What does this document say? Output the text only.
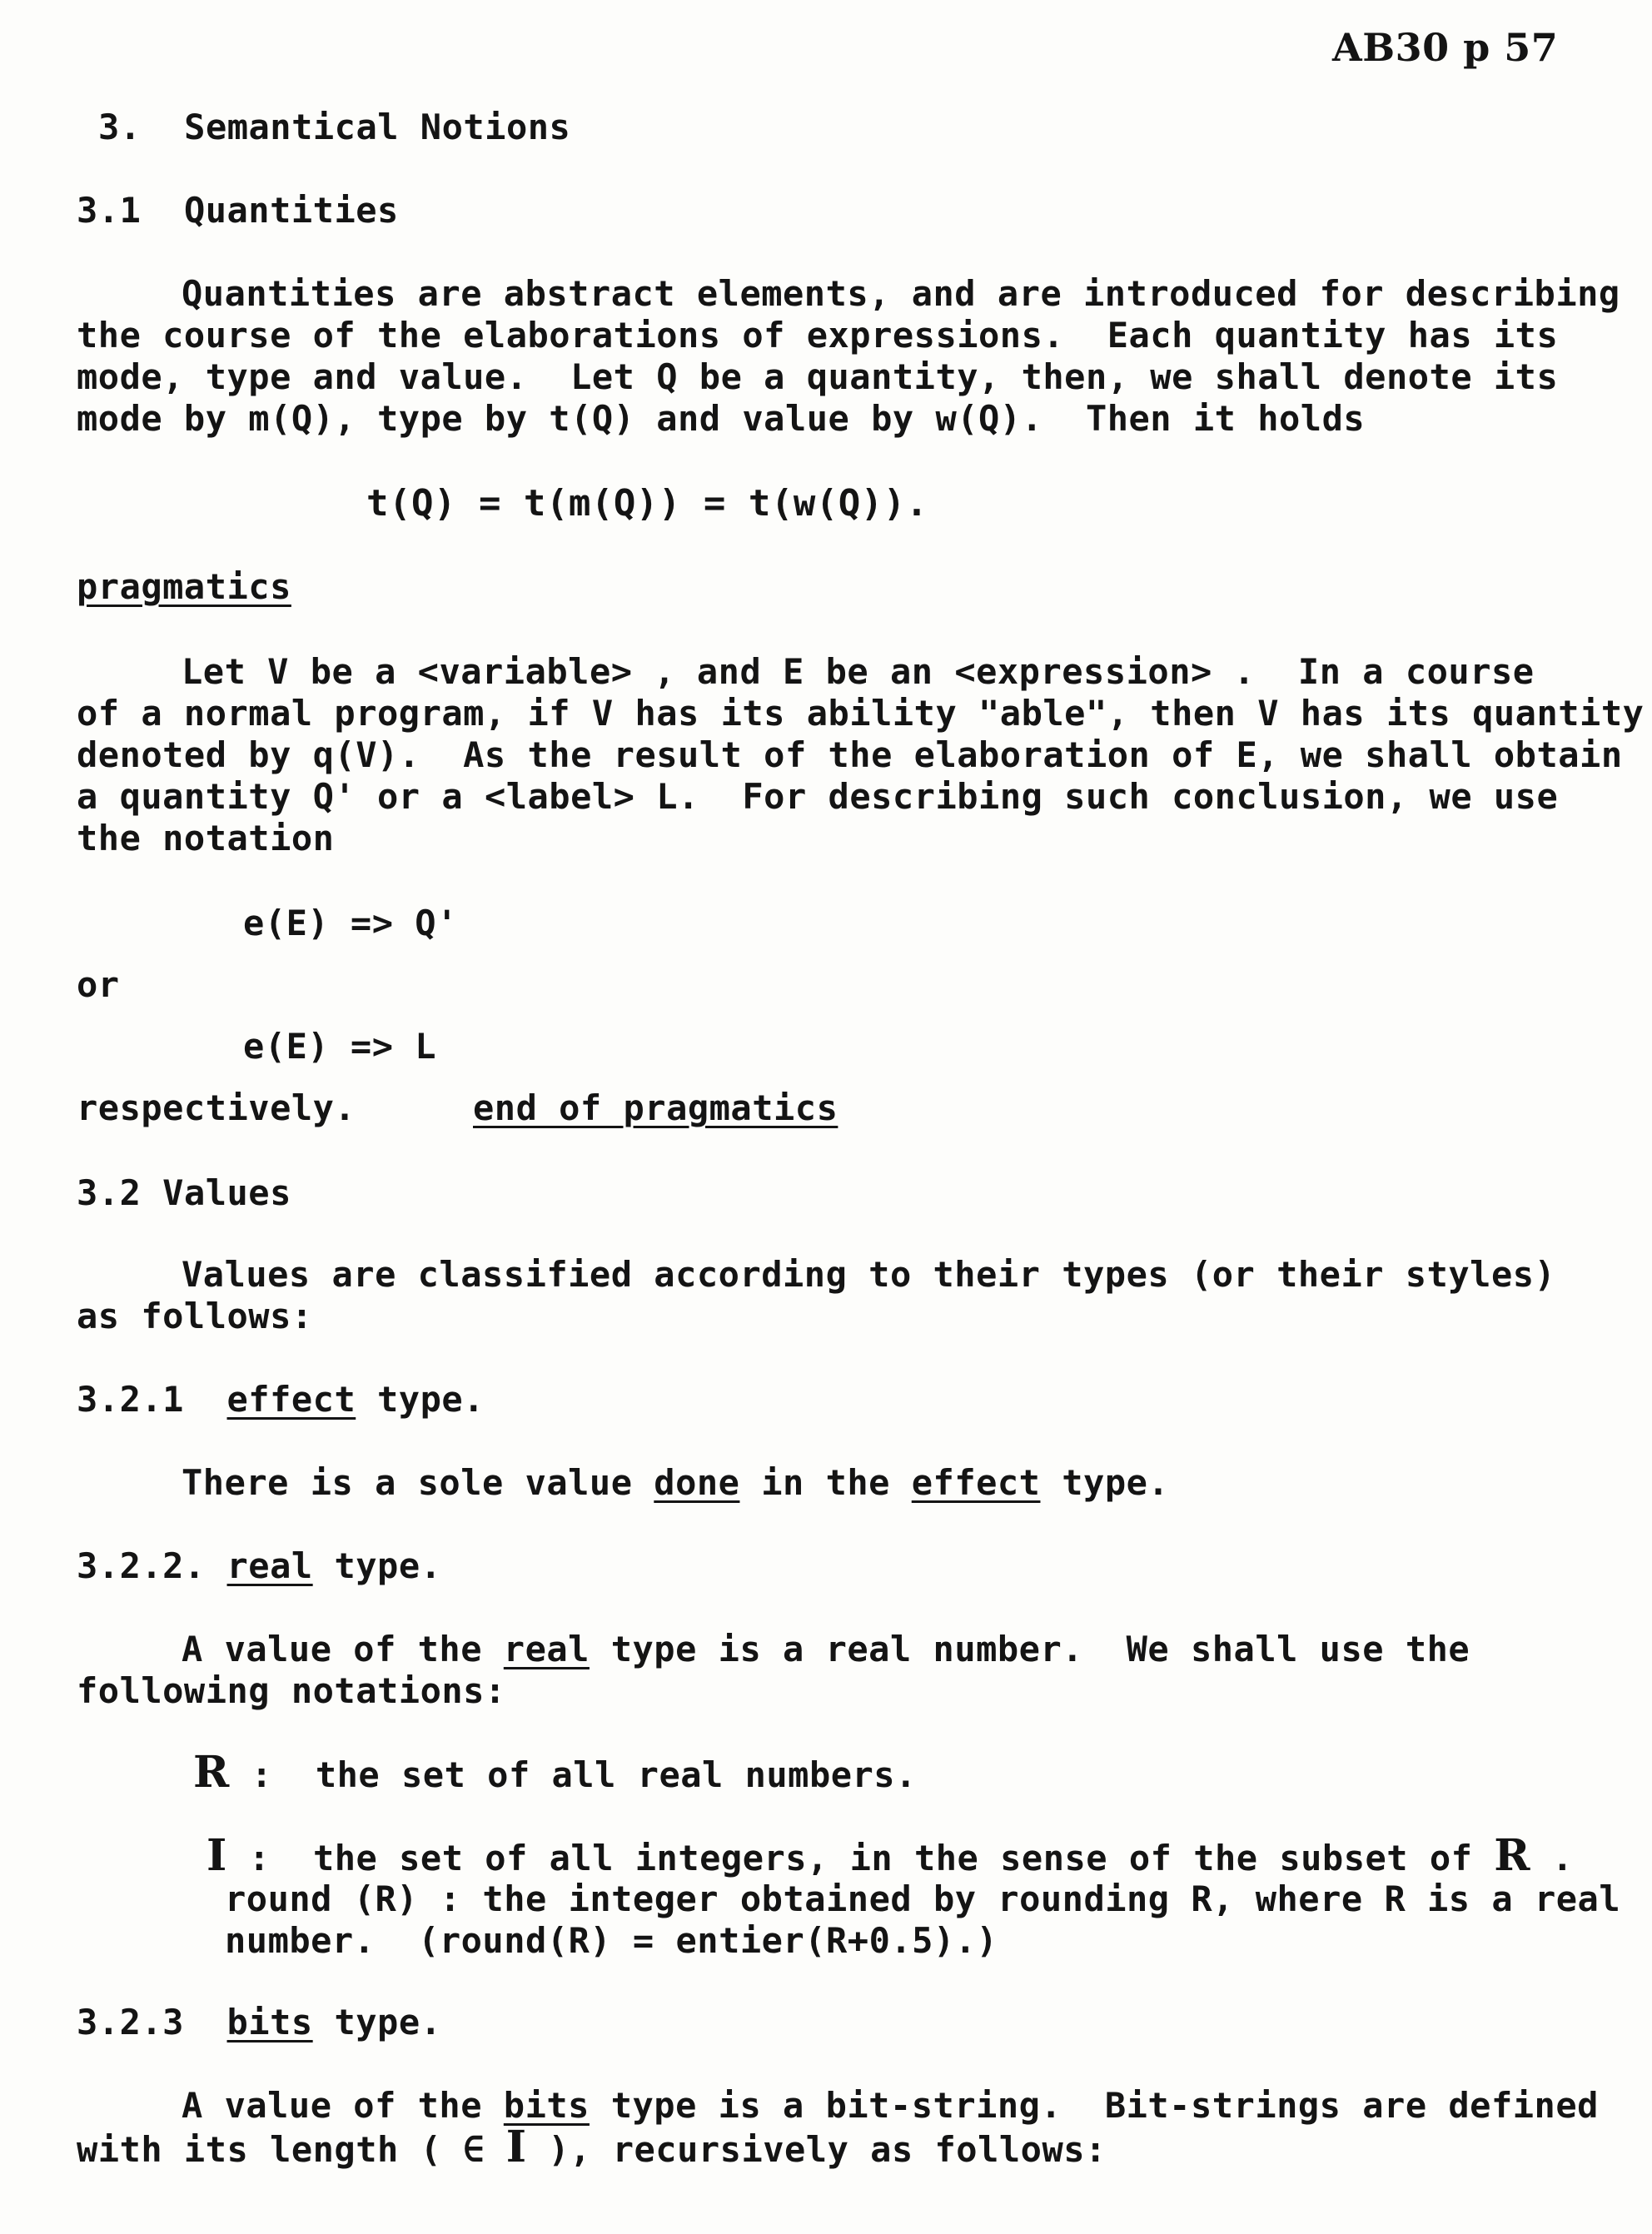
AB30 p 57
3. Semantical Notions
3.1 Quantities
Quantities are abstract elements, and are introduced for describing
the course of the elaborations of expressions.  Each quantity has its
mode, type and value.  Let Q be a quantity, then, we shall denote its
mode by m(Q), type by t(Q) and value by w(Q).  Then it holds
t(Q) = t(m(Q)) = t(w(Q)).
pragmatics
Let V be a <variable> , and E be an <expression> .  In a course
of a normal program, if V has its ability "able", then V has its quantity
denoted by q(V).  As the result of the elaboration of E, we shall obtain
a quantity Q' or a <label> L.  For describing such conclusion, we use
the notation
e(E) => Q'
or
e(E) => L
respectively.	end of pragmatics
3.2 Values
Values are classified according to their types (or their styles)
as follows:
3.2.1 effect type.
There is a sole value done in the effect type.
3.2.2. real type.
A value of the real type is a real number.  We shall use the
following notations:
R :  the set of all real numbers.
I :  the set of all integers, in the sense of the subset of R .
round (R) : the integer obtained by rounding R, where R is a real
number.  (round(R) = entier(R+0.5).)
3.2.3 bits type.
A value of the bits type is a bit-string.  Bit-strings are defined
with its length ( ∈ I ), recursively as follows:
